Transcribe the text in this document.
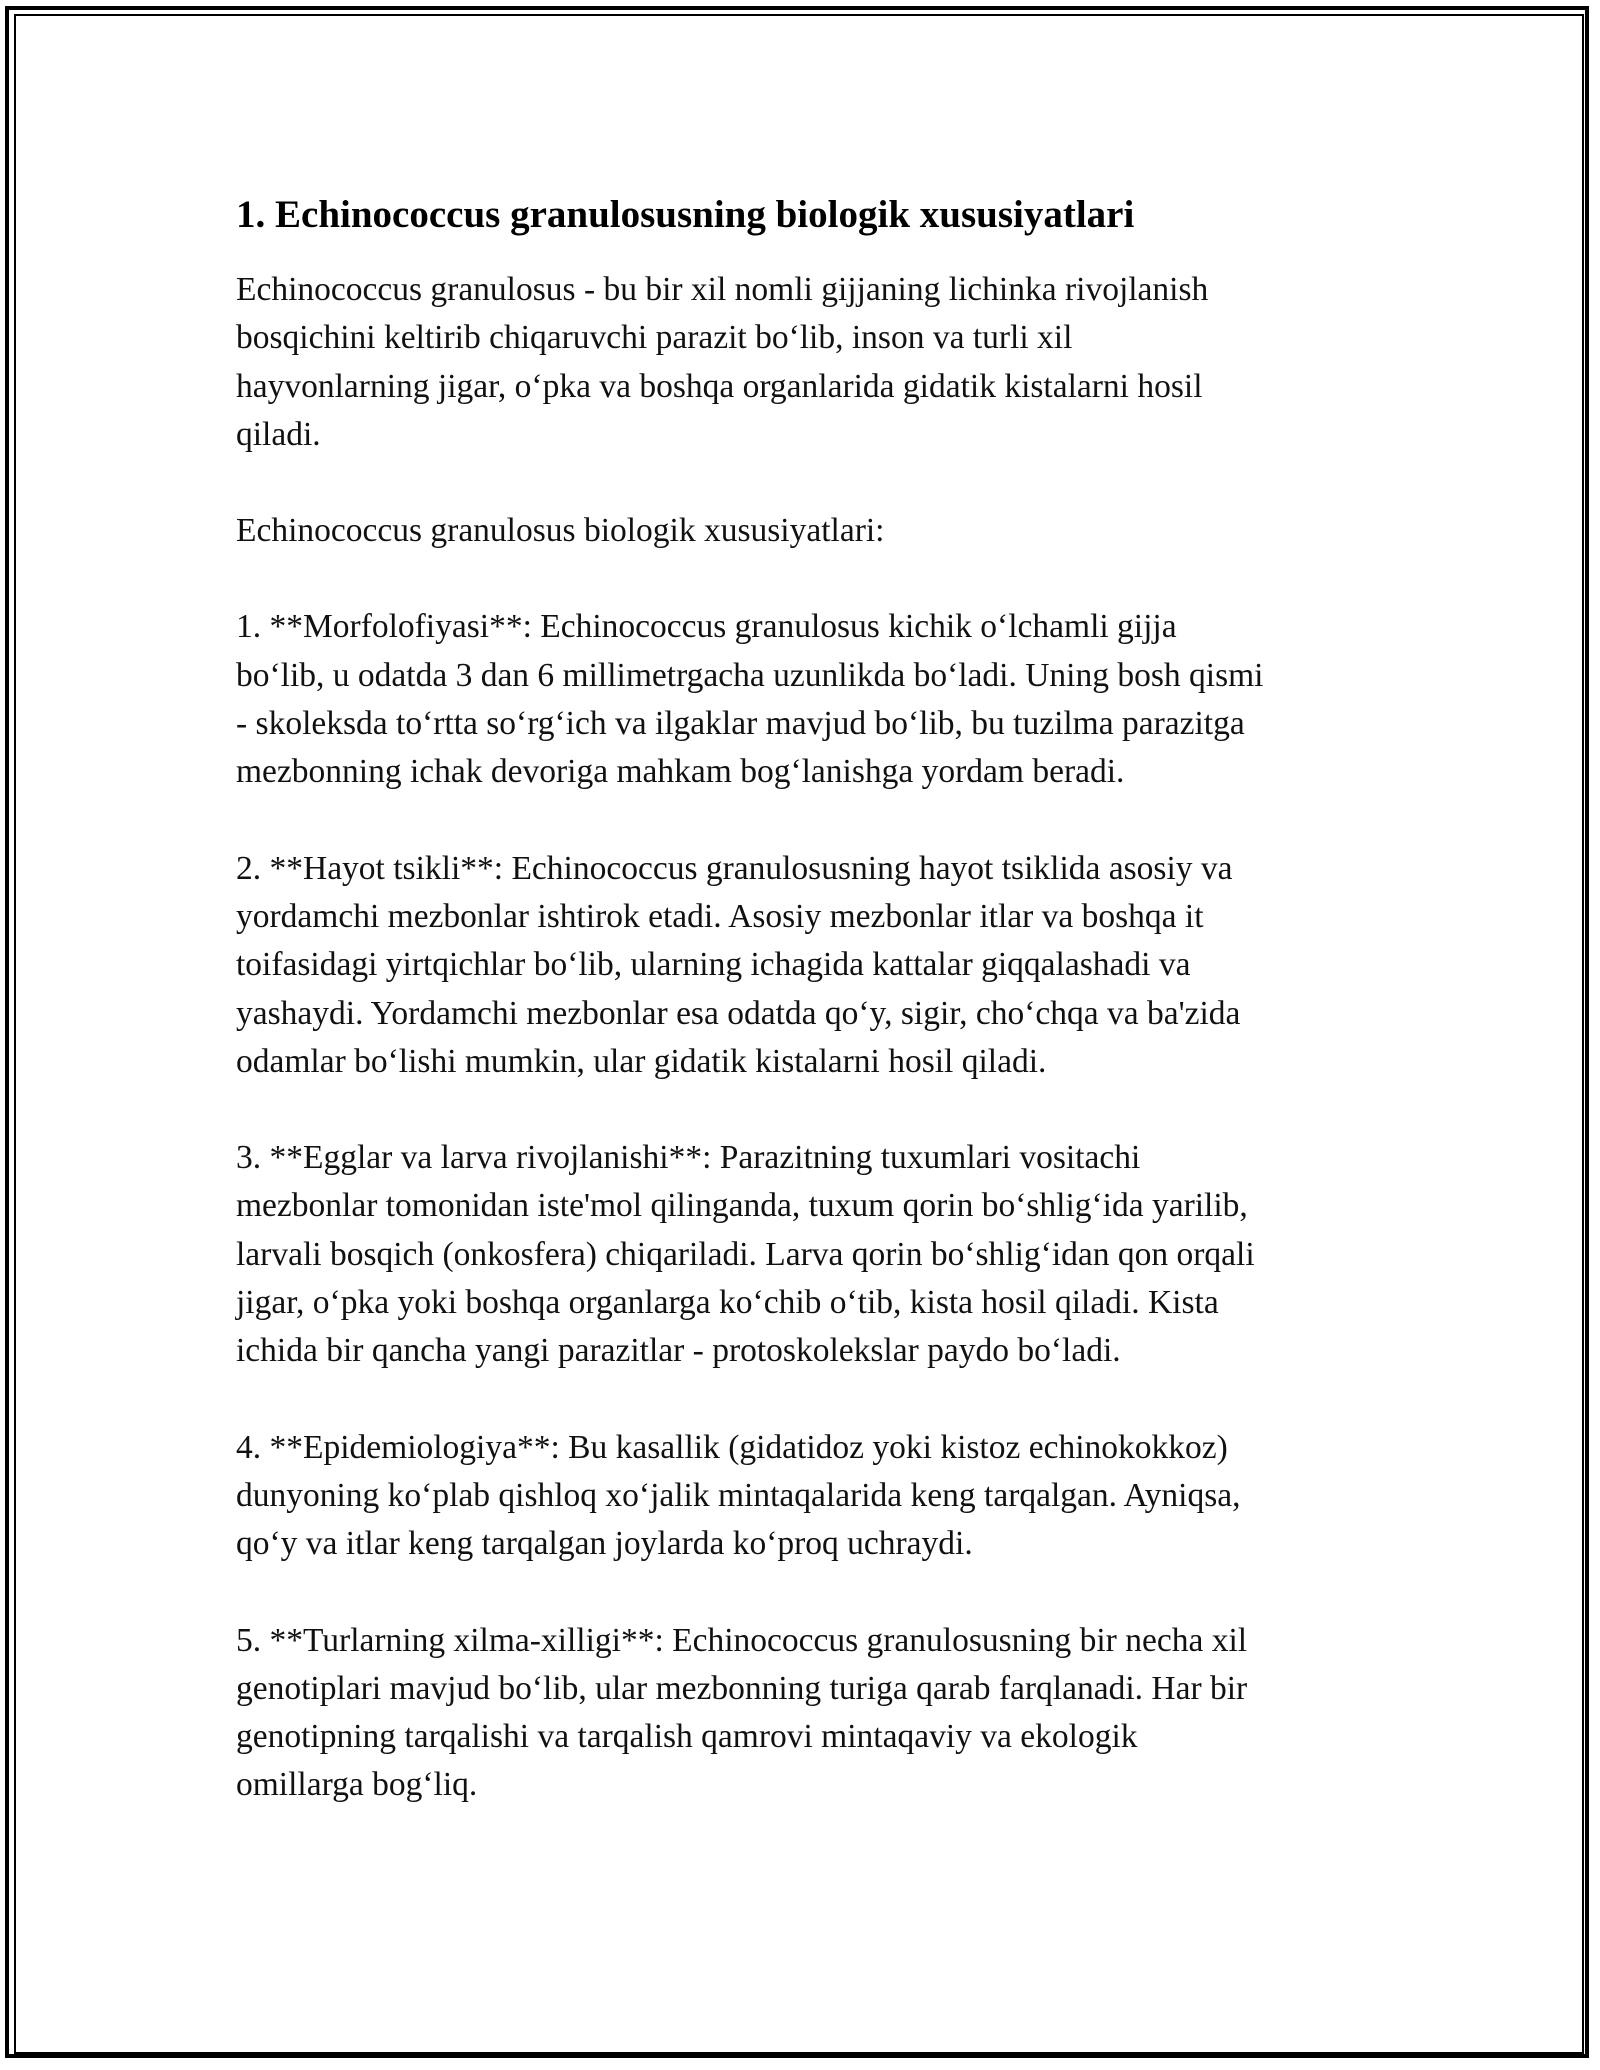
1. Echinococcus granulosusning biologik xususiyatlari

Echinococcus granulosus - bu bir xil nomli gijjaning lichinka rivojlanish
bosqichini keltirib chiqaruvchi parazit bo‘lib, inson va turli xil
hayvonlarning jigar, o‘pka va boshqa organlarida gidatik kistalarni hosil
qiladi.

Echinococcus granulosus biologik xususiyatlari:

1. **Morfolofiyasi**: Echinococcus granulosus kichik o‘lchamli gijja
bo‘lib, u odatda 3 dan 6 millimetrgacha uzunlikda bo‘ladi. Uning bosh qismi
- skoleksda to‘rtta so‘rg‘ich va ilgaklar mavjud bo‘lib, bu tuzilma parazitga
mezbonning ichak devoriga mahkam bog‘lanishga yordam beradi.

2. **Hayot tsikli**: Echinococcus granulosusning hayot tsiklida asosiy va
yordamchi mezbonlar ishtirok etadi. Asosiy mezbonlar itlar va boshqa it
toifasidagi yirtqichlar bo‘lib, ularning ichagida kattalar giqqalashadi va
yashaydi. Yordamchi mezbonlar esa odatda qo‘y, sigir, cho‘chqa va ba'zida
odamlar bo‘lishi mumkin, ular gidatik kistalarni hosil qiladi.

3. **Egglar va larva rivojlanishi**: Parazitning tuxumlari vositachi
mezbonlar tomonidan iste'mol qilinganda, tuxum qorin bo‘shlig‘ida yarilib,
larvali bosqich (onkosfera) chiqariladi. Larva qorin bo‘shlig‘idan qon orqali
jigar, o‘pka yoki boshqa organlarga ko‘chib o‘tib, kista hosil qiladi. Kista
ichida bir qancha yangi parazitlar - protoskolekslar paydo bo‘ladi.

4. **Epidemiologiya**: Bu kasallik (gidatidoz yoki kistoz echinokokkoz)
dunyoning ko‘plab qishloq xo‘jalik mintaqalarida keng tarqalgan. Ayniqsa,
qo‘y va itlar keng tarqalgan joylarda ko‘proq uchraydi.

5. **Turlarning xilma-xilligi**: Echinococcus granulosusning bir necha xil
genotiplari mavjud bo‘lib, ular mezbonning turiga qarab farqlanadi. Har bir
genotipning tarqalishi va tarqalish qamrovi mintaqaviy va ekologik
omillarga bog‘liq.
